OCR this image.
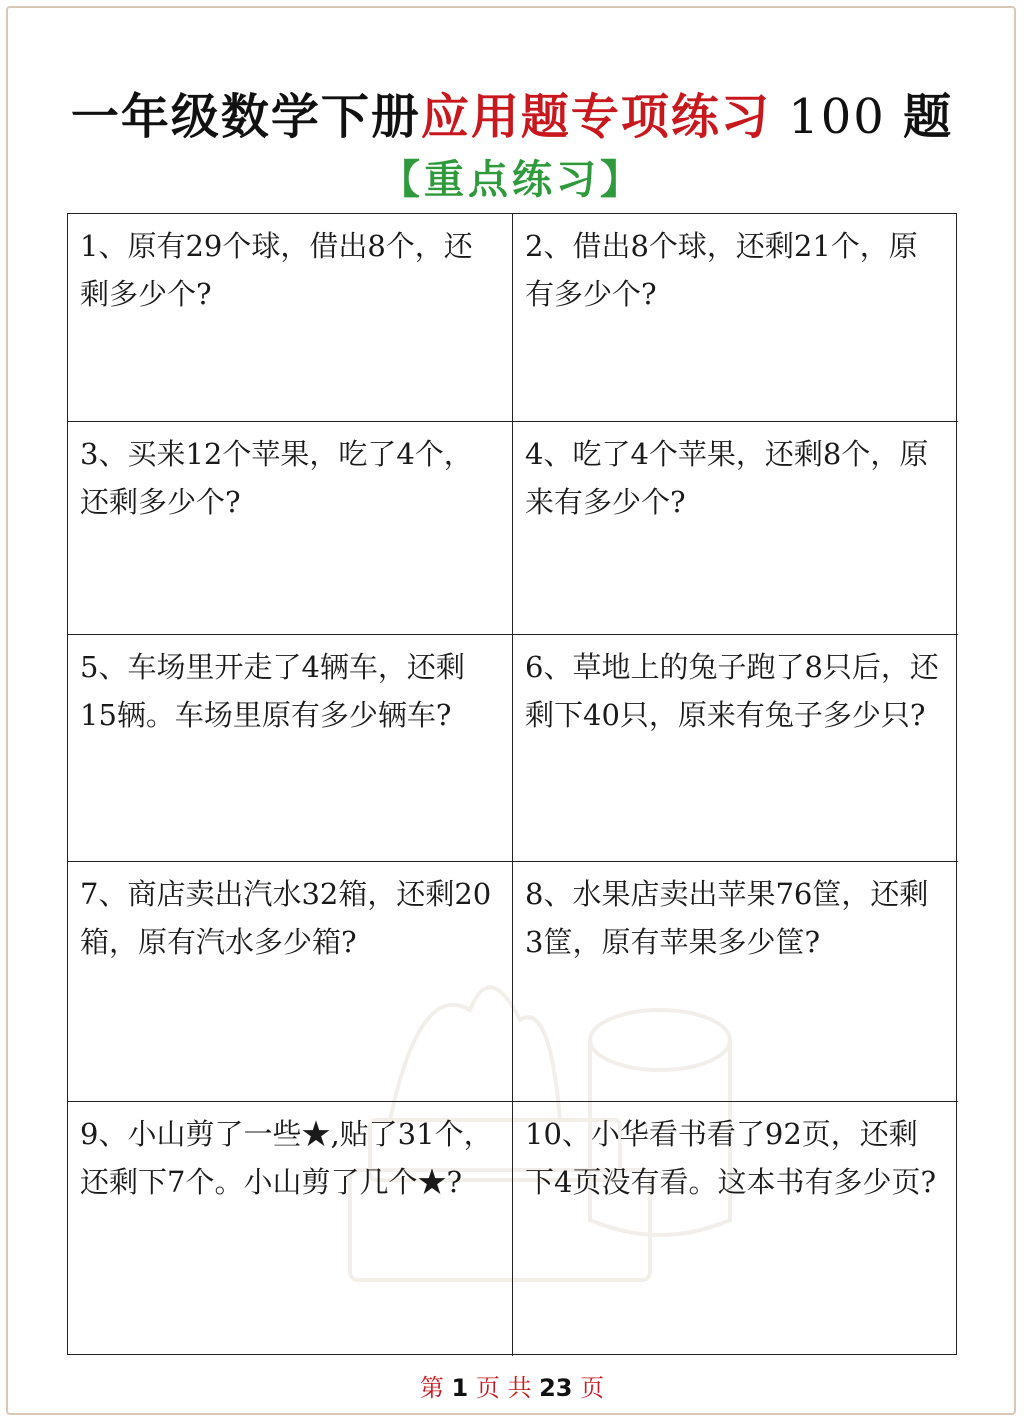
一年级数学下册应用题专项练习 100 题
【重点练习】
1、原有29个球，借出8个，还剩多少个?
2、借出8个球，还剩21个，原有多少个?
3、买来12个苹果，吃了4个，还剩多少个?
4、吃了4个苹果，还剩8个，原来有多少个?
5、车场里开走了4辆车，还剩15辆。车场里原有多少辆车?
6、草地上的兔子跑了8只后，还剩下40只，原来有兔子多少只?
7、商店卖出汽水32箱，还剩20箱，原有汽水多少箱?
8、水果店卖出苹果76筐，还剩3筐，原有苹果多少筐?
9、小山剪了一些★,贴了31个，还剩下7个。小山剪了几个★?
10、小华看书看了92页，还剩下4页没有看。这本书有多少页?
第 1 页 共 23 页
